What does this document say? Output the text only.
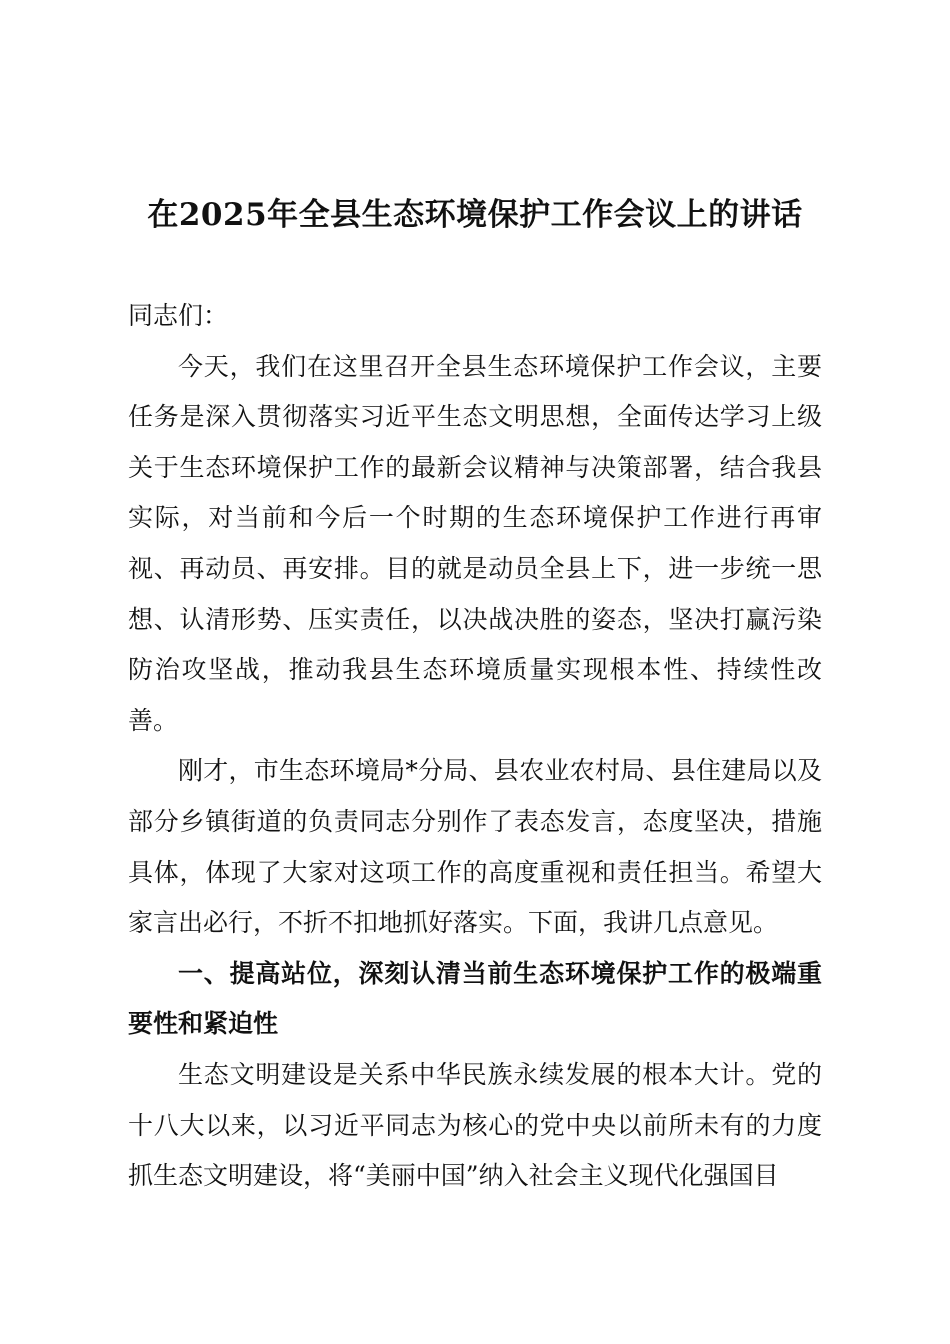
在2025年全县生态环境保护工作会议上的讲话

同志们：

今天，我们在这里召开全县生态环境保护工作会议，主要任务是深入贯彻落实习近平生态文明思想，全面传达学习上级关于生态环境保护工作的最新会议精神与决策部署，结合我县实际，对当前和今后一个时期的生态环境保护工作进行再审视、再动员、再安排。目的就是动员全县上下，进一步统一思想、认清形势、压实责任，以决战决胜的姿态，坚决打赢污染防治攻坚战，推动我县生态环境质量实现根本性、持续性改善。

刚才，市生态环境局*分局、县农业农村局、县住建局以及部分乡镇街道的负责同志分别作了表态发言，态度坚决，措施具体，体现了大家对这项工作的高度重视和责任担当。希望大家言出必行，不折不扣地抓好落实。下面，我讲几点意见。

一、提高站位，深刻认清当前生态环境保护工作的极端重要性和紧迫性

生态文明建设是关系中华民族永续发展的根本大计。党的十八大以来，以习近平同志为核心的党中央以前所未有的力度抓生态文明建设，将“美丽中国”纳入社会主义现代化强国目
